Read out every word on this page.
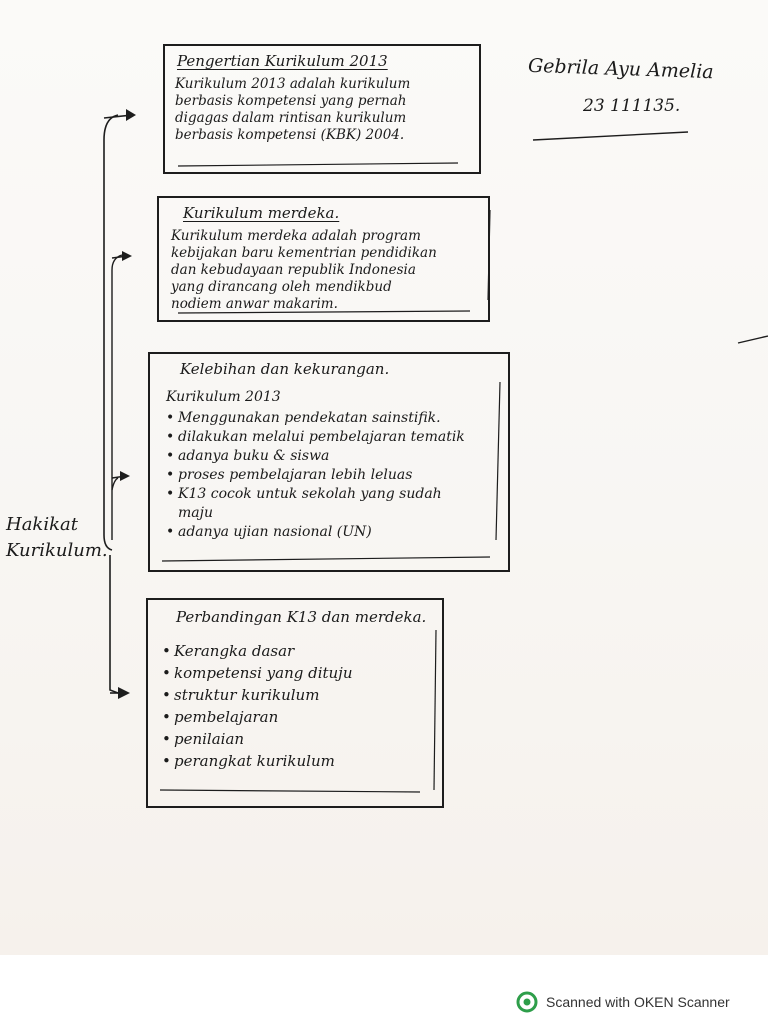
Gebrila Ayu Amelia
23 111135.
Hakikat
Kurikulum.
Pengertian Kurikulum 2013
Kurikulum 2013 adalah kurikulum
berbasis kompetensi yang pernah
digagas dalam rintisan kurikulum
berbasis kompetensi (KBK) 2004.
Kurikulum merdeka.
Kurikulum merdeka adalah program
kebijakan baru kementrian pendidikan
dan kebudayaan republik Indonesia
yang dirancang oleh mendikbud
nodiem anwar makarim.
Kelebihan dan kekurangan.
Kurikulum 2013
• Menggunakan pendekatan sainstifik.
• dilakukan melalui pembelajaran tematik
• adanya buku & siswa
• proses pembelajaran lebih leluas
• K13 cocok untuk sekolah yang sudah maju
• adanya ujian nasional (UN)
Perbandingan K13 dan merdeka.
• Kerangka dasar
• kompetensi yang dituju
• struktur kurikulum
• pembelajaran
• penilaian
• perangkat kurikulum
Scanned with OKEN Scanner
